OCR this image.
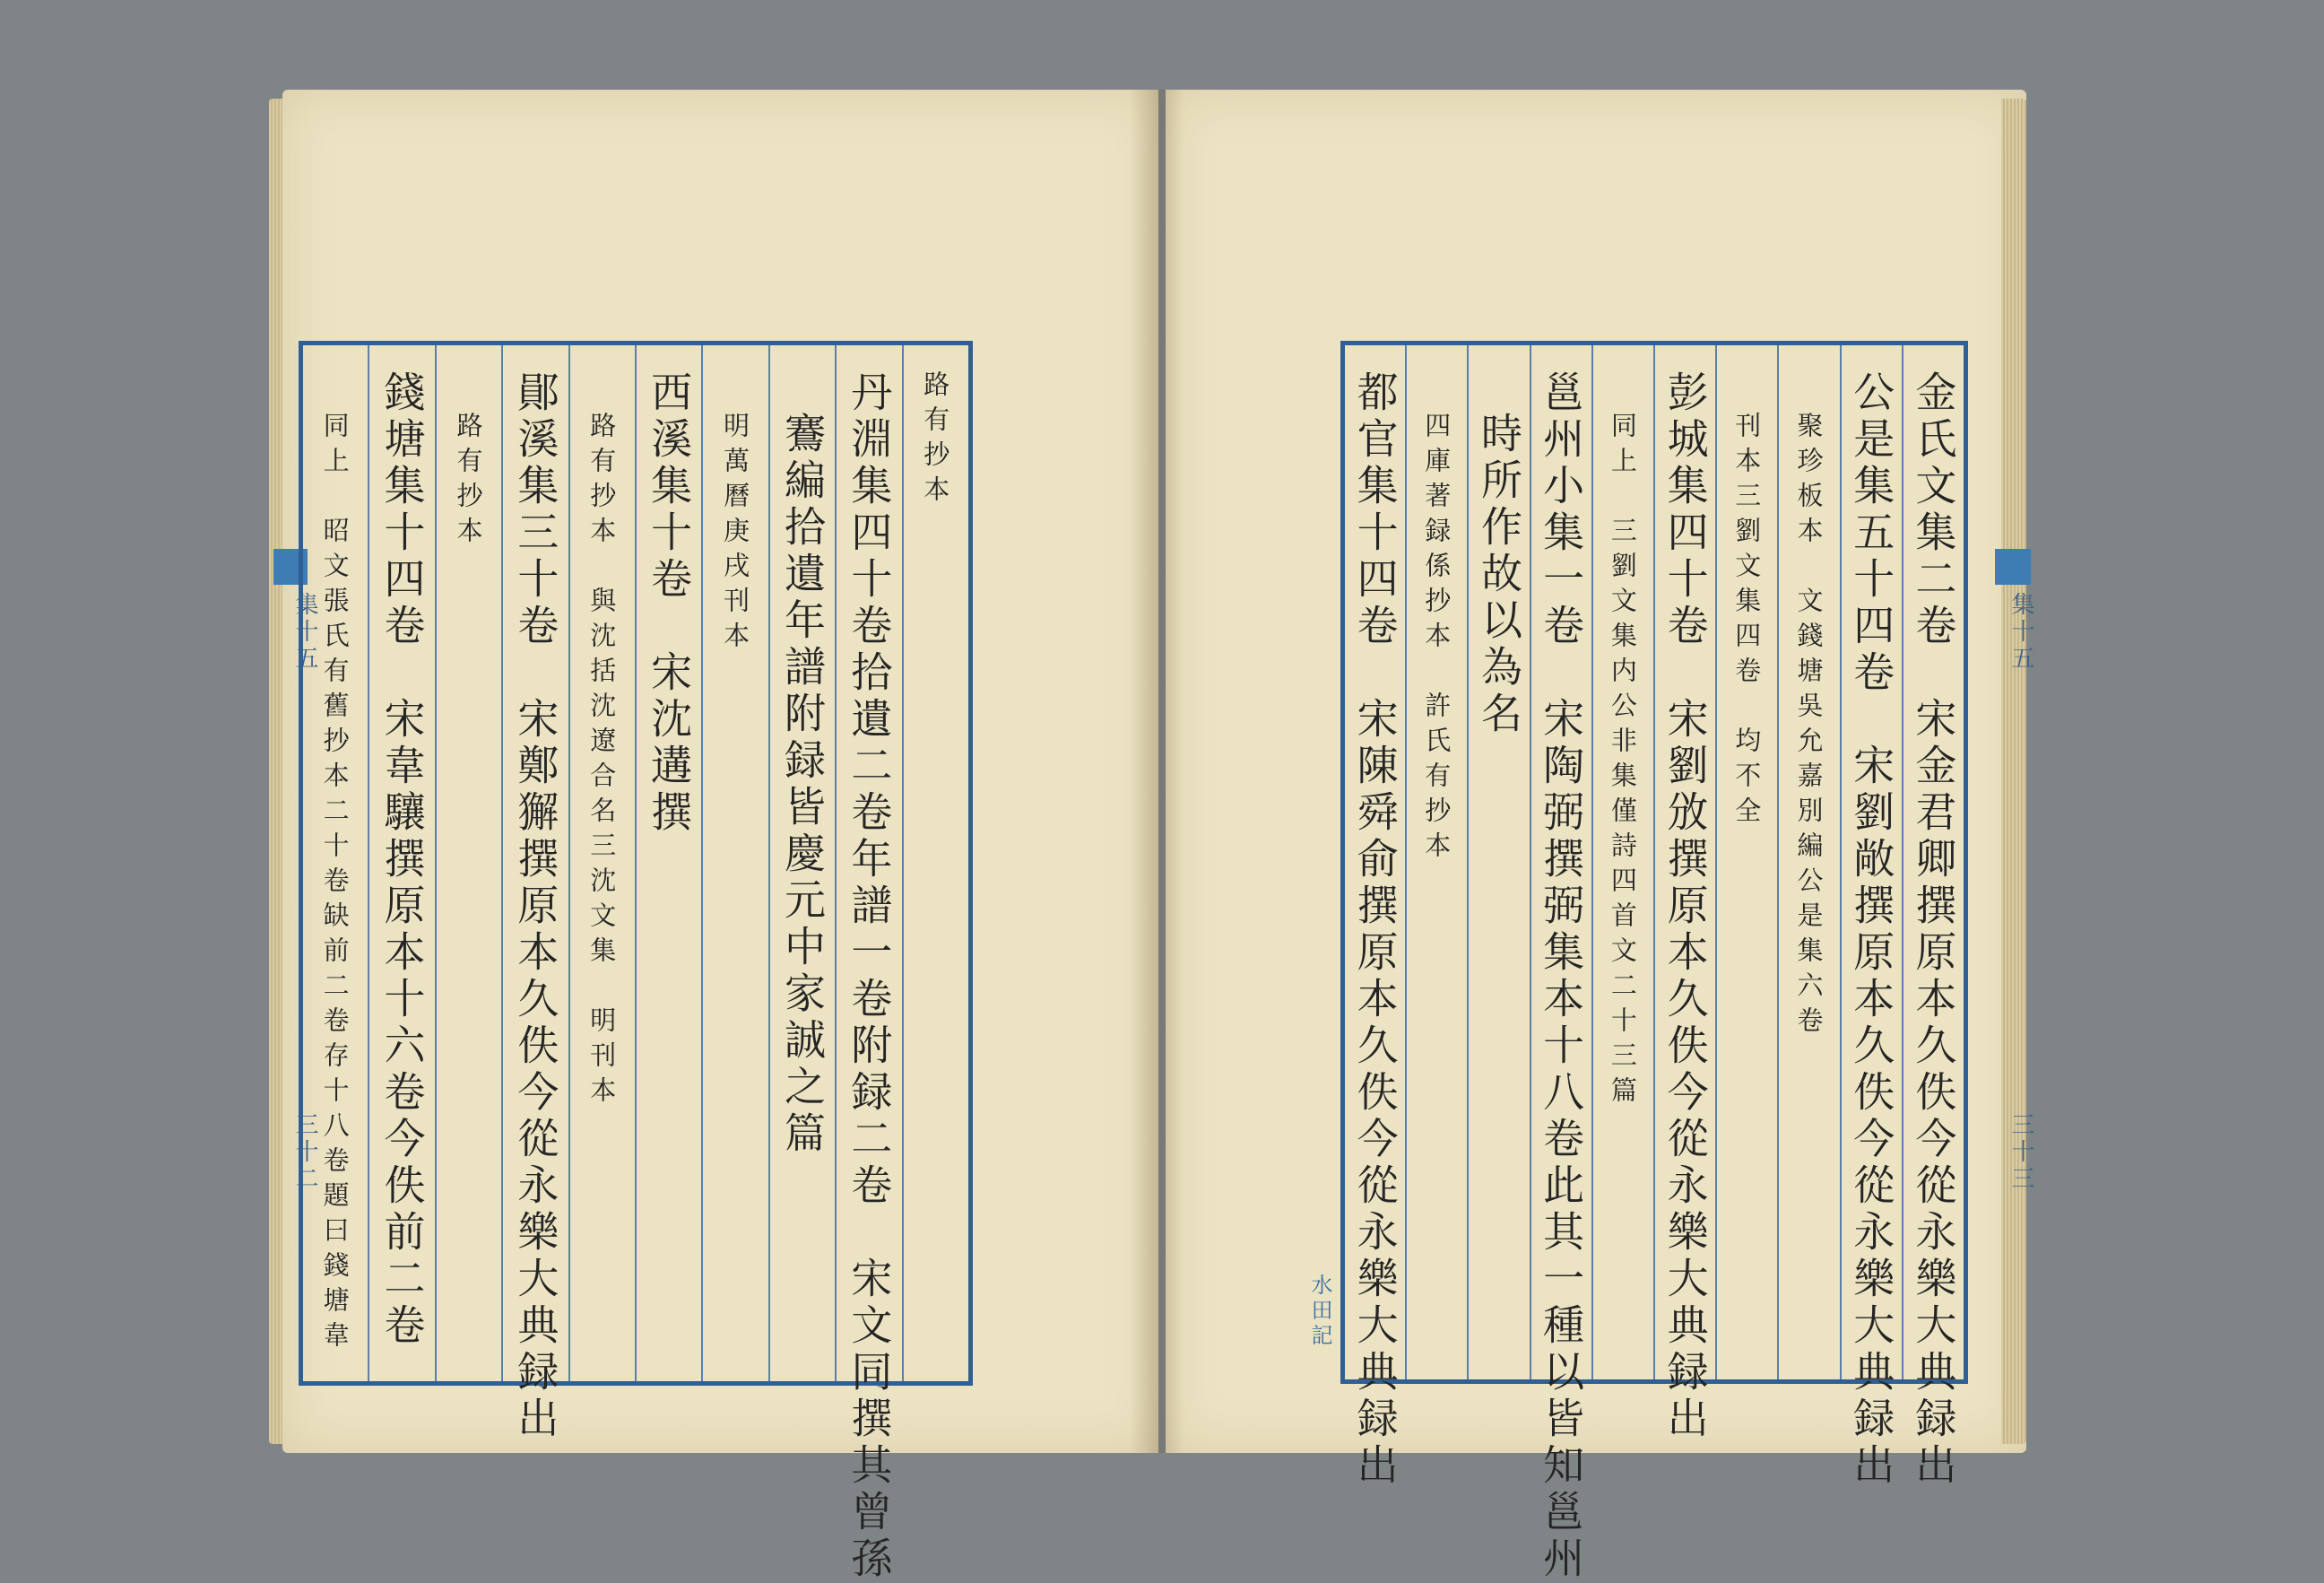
集十五
三十二
集十五
三十三
路有抄本
丹淵集四十卷拾遺二卷年譜一卷附録二卷　宋文同撰其曾孫
鶱編拾遺年譜附録皆慶元中家誠之篇
明萬曆庚戌刊本
西溪集十卷　宋沈遘撰
路有抄本　與沈括沈遼合名三沈文集　明刊本
鄖溪集三十卷　宋鄭獬撰原本久佚今從永樂大典録出
路有抄本
錢塘集十四卷　宋韋驤撰原本十六卷今佚前二卷
同上　昭文張氏有舊抄本二十卷缺前二卷存十八卷題曰錢塘韋	金氏文集二卷　宋金君卿撰原本久佚今從永樂大典録出
公是集五十四卷　宋劉敞撰原本久佚今從永樂大典録出
聚珍板本　文錢塘吳允嘉別編公是集六卷
刊本三劉文集四卷　均不全
彭城集四十卷　宋劉攽撰原本久佚今從永樂大典録出
同上　三劉文集内公非集僅詩四首文二十三篇
邕州小集一卷　宋陶弼撰弼集本十八卷此其一種以皆知邕州
時所作故以為名
四庫著録係抄本　許氏有抄本
都官集十四卷　宋陳舜俞撰原本久佚今從永樂大典録出
水田記
